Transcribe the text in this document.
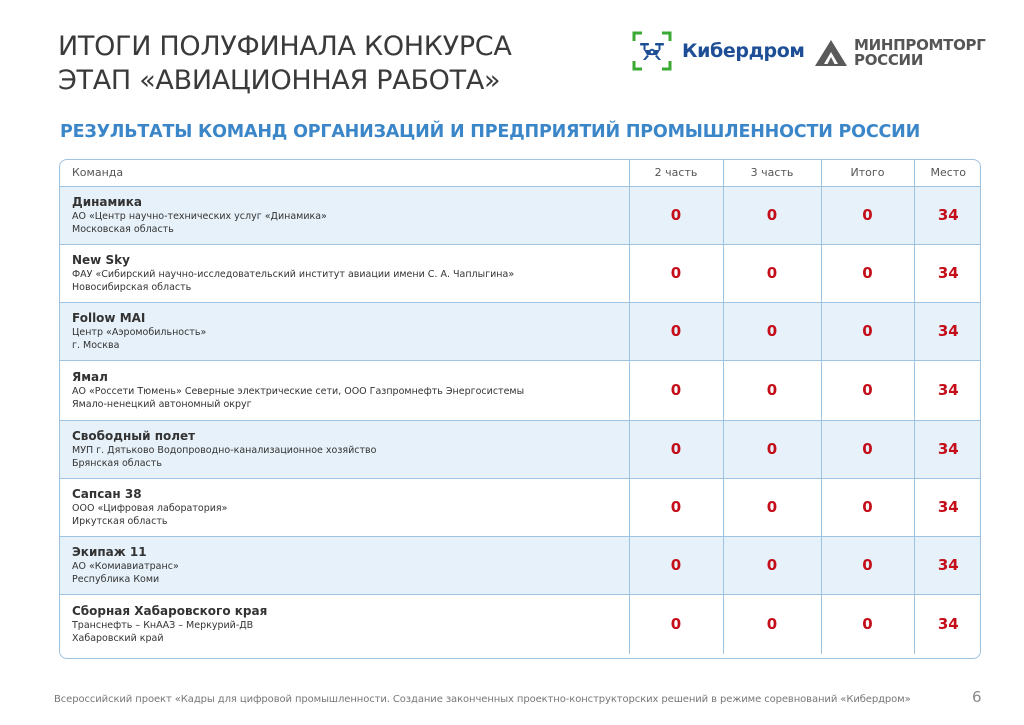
ИТОГИ ПОЛУФИНАЛА КОНКУРСА
ЭТАП «АВИАЦИОННАЯ РАБОТА»
Кибердром	МИНПРОМТОРГ
РОССИИ
РЕЗУЛЬТАТЫ КОМАНД ОРГАНИЗАЦИЙ И ПРЕДПРИЯТИЙ ПРОМЫШЛЕННОСТИ РОССИИ
Команда	2 часть	3 часть	Итого	Место

Динамика
АО «Центр научно-технических услуг «Динамика»
Московская область	0	0	0	34

New Sky
ФАУ «Сибирский научно-исследовательский институт авиации имени С. А. Чаплыгина»
Новосибирская область	0	0	0	34

Follow MAI
Центр «Аэромобильность»
г. Москва	0	0	0	34

Ямал
АО «Россети Тюмень» Северные электрические сети, ООО Газпромнефть Энергосистемы
Ямало-ненецкий автономный округ	0	0	0	34

Свободный полет
МУП г. Дятьково Водопроводно-канализационное хозяйство
Брянская область	0	0	0	34

Сапсан 38
ООО «Цифровая лаборатория»
Иркутская область	0	0	0	34

Экипаж 11
АО «Комиавиатранс»
Республика Коми	0	0	0	34

Сборная Хабаровского края
Транснефть – КнААЗ – Меркурий-ДВ
Хабаровский край	0	0	0	34
Всероссийский проект «Кадры для цифровой промышленности. Создание законченных проектно-конструкторских решений в режиме соревнований «Кибердром»	6
